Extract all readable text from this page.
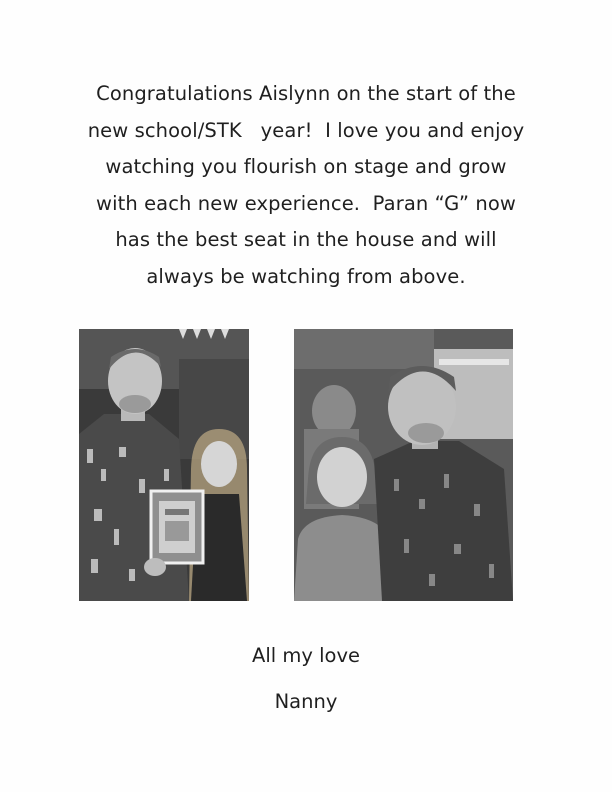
Congratulations Aislynn on the start of the
new school/STK   year!  I love you and enjoy
watching you flourish on stage and grow
with each new experience.  Paran “G” now
has the best seat in the house and will
always be watching from above.
All my love
Nanny
